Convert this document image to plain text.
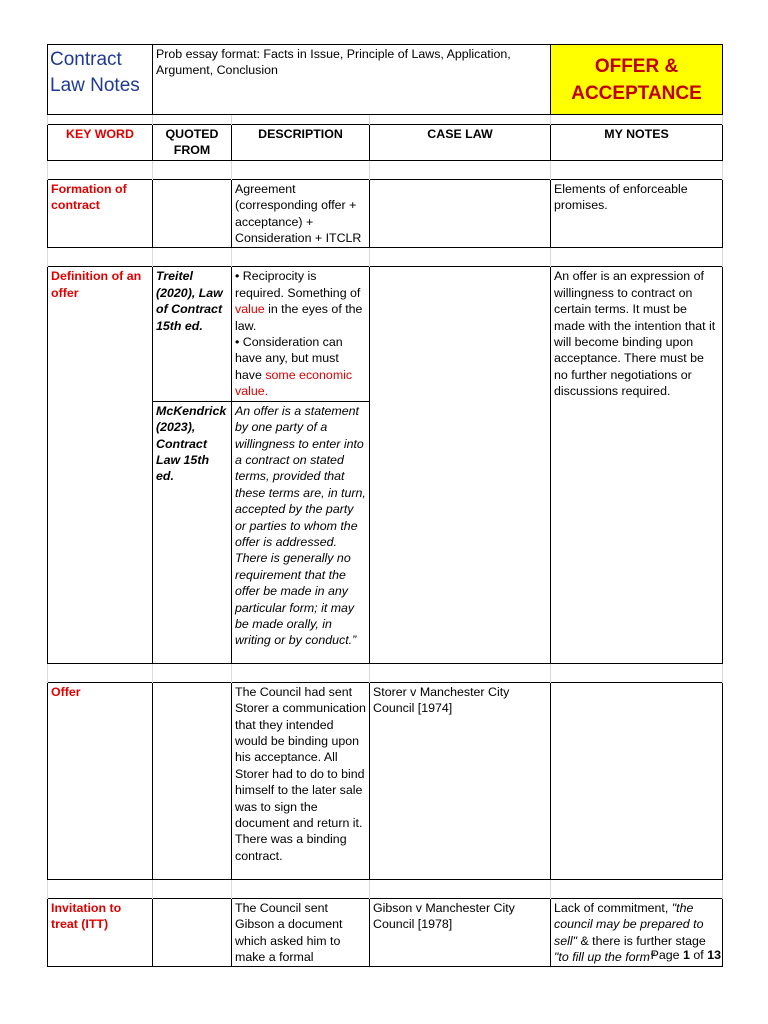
Contract Law Notes	Prob essay format: Facts in Issue, Principle of Laws, Application, Argument, Conclusion			OFFER & ACCEPTANCE

KEY WORD	QUOTED FROM	DESCRIPTION	CASE LAW	MY NOTES

Formation of contract		Agreement (corresponding offer + acceptance) + Consideration + ITCLR		Elements of enforceable promises.

Definition of an offer	Treitel (2020), Law of Contract 15th ed.	• Reciprocity is required. Something of value in the eyes of the law.
• Consideration can have any, but must have some economic value.		An offer is an expression of willingness to contract on certain terms. It must be made with the intention that it will become binding upon acceptance. There must be no further negotiations or discussions required.
	McKendrick (2023), Contract Law 15th ed.	An offer is a statement by one party of a willingness to enter into a contract on stated terms, provided that these terms are, in turn, accepted by the party or parties to whom the offer is addressed. There is generally no requirement that the offer be made in any particular form; it may be made orally, in writing or by conduct.”		

Offer		The Council had sent Storer a communication that they intended would be binding upon his acceptance. All Storer had to do to bind himself to the later sale was to sign the document and return it. There was a binding contract.	Storer v Manchester City Council [1974]	

Invitation to treat (ITT)		The Council sent Gibson a document which asked him to make a formal	Gibson v Manchester City Council [1978]	Lack of commitment, "the council may be prepared to sell" & there is further stage "to fill up the form"
Page 1 of 13
